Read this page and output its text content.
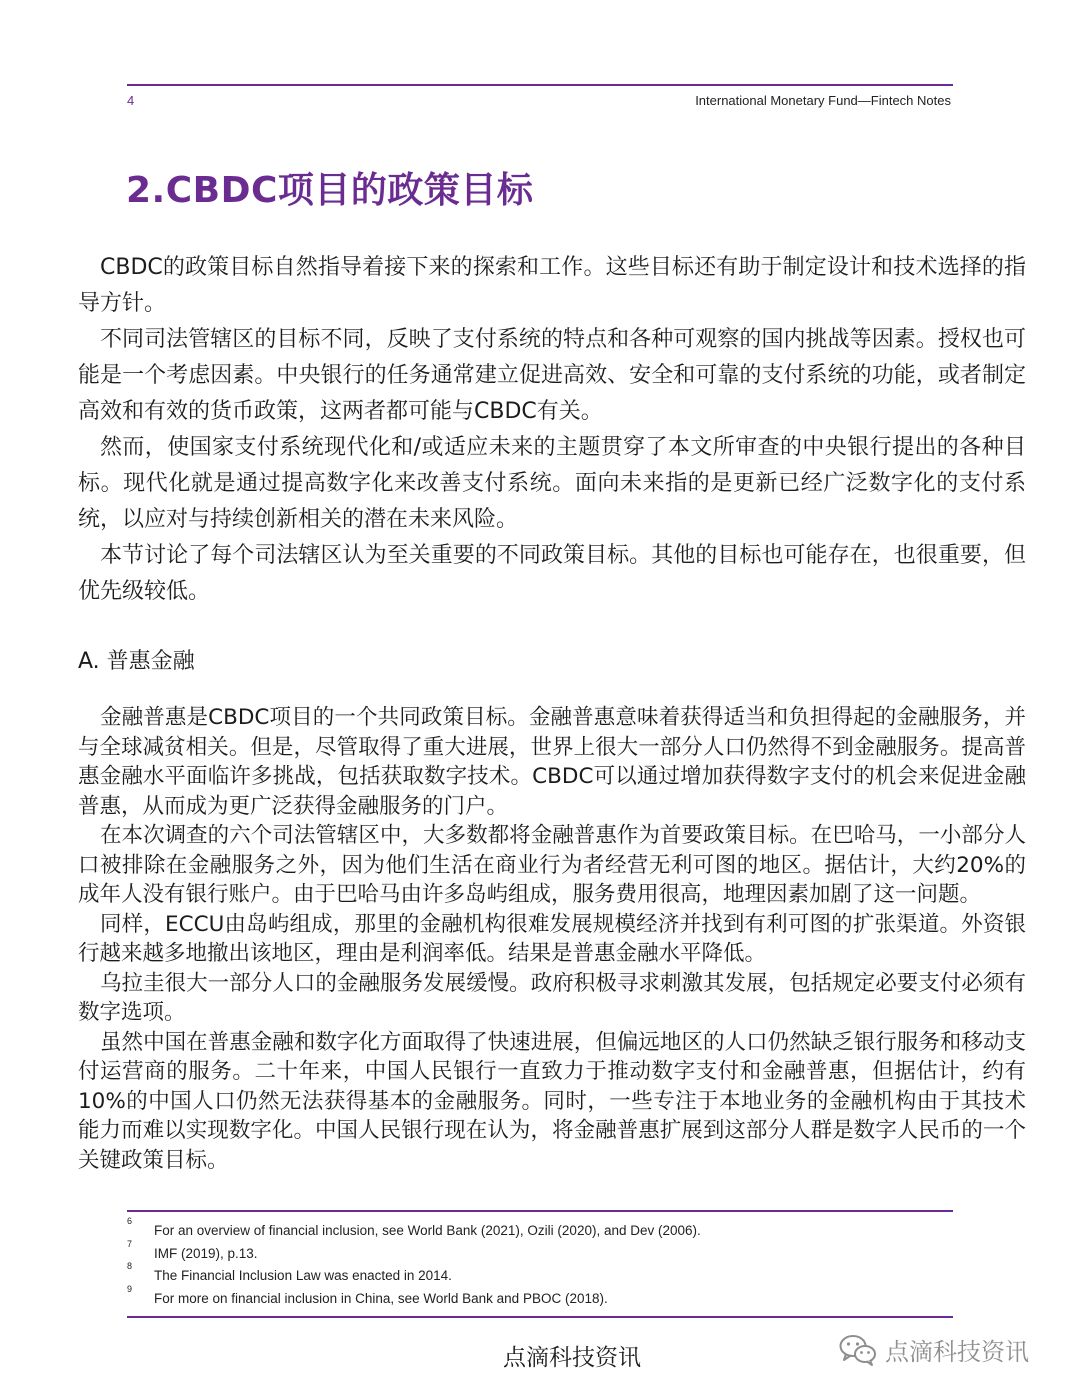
4	International Monetary Fund—Fintech Notes
2.CBDC项目的政策目标

CBDC的政策目标自然指导着接下来的探索和工作。这些目标还有助于制定设计和技术选择的指导方针。

不同司法管辖区的目标不同，反映了支付系统的特点和各种可观察的国内挑战等因素。授权也可能是一个考虑因素。中央银行的任务通常建立促进高效、安全和可靠的支付系统的功能，或者制定高效和有效的货币政策，这两者都可能与CBDC有关。

然而，使国家支付系统现代化和/或适应未来的主题贯穿了本文所审查的中央银行提出的各种目标。现代化就是通过提高数字化来改善支付系统。面向未来指的是更新已经广泛数字化的支付系统，以应对与持续创新相关的潜在未来风险。

本节讨论了每个司法辖区认为至关重要的不同政策目标。其他的目标也可能存在，也很重要，但优先级较低。

A. 普惠金融

金融普惠是CBDC项目的一个共同政策目标。金融普惠意味着获得适当和负担得起的金融服务，并与全球减贫相关。但是，尽管取得了重大进展，世界上很大一部分人口仍然得不到金融服务。提高普惠金融水平面临许多挑战，包括获取数字技术。CBDC可以通过增加获得数字支付的机会来促进金融普惠，从而成为更广泛获得金融服务的门户。

在本次调查的六个司法管辖区中，大多数都将金融普惠作为首要政策目标。在巴哈马，一小部分人口被排除在金融服务之外，因为他们生活在商业行为者经营无利可图的地区。据估计，大约20%的成年人没有银行账户。由于巴哈马由许多岛屿组成，服务费用很高，地理因素加剧了这一问题。

同样，ECCU由岛屿组成，那里的金融机构很难发展规模经济并找到有利可图的扩张渠道。外资银行越来越多地撤出该地区，理由是利润率低。结果是普惠金融水平降低。

乌拉圭很大一部分人口的金融服务发展缓慢。政府积极寻求刺激其发展，包括规定必要支付必须有数字选项。

虽然中国在普惠金融和数字化方面取得了快速进展，但偏远地区的人口仍然缺乏银行服务和移动支付运营商的服务。二十年来，中国人民银行一直致力于推动数字支付和金融普惠，但据估计，约有10%的中国人口仍然无法获得基本的金融服务。同时，一些专注于本地业务的金融机构由于其技术能力而难以实现数字化。中国人民银行现在认为，将金融普惠扩展到这部分人群是数字人民币的一个关键政策目标。

6
For an overview of financial inclusion, see World Bank (2021), Ozili (2020), and Dev (2006).
7
IMF (2019), p.13.
8
The Financial Inclusion Law was enacted in 2014.
9
For more on financial inclusion in China, see World Bank and PBOC (2018).
点滴科技资讯	点滴科技资讯
